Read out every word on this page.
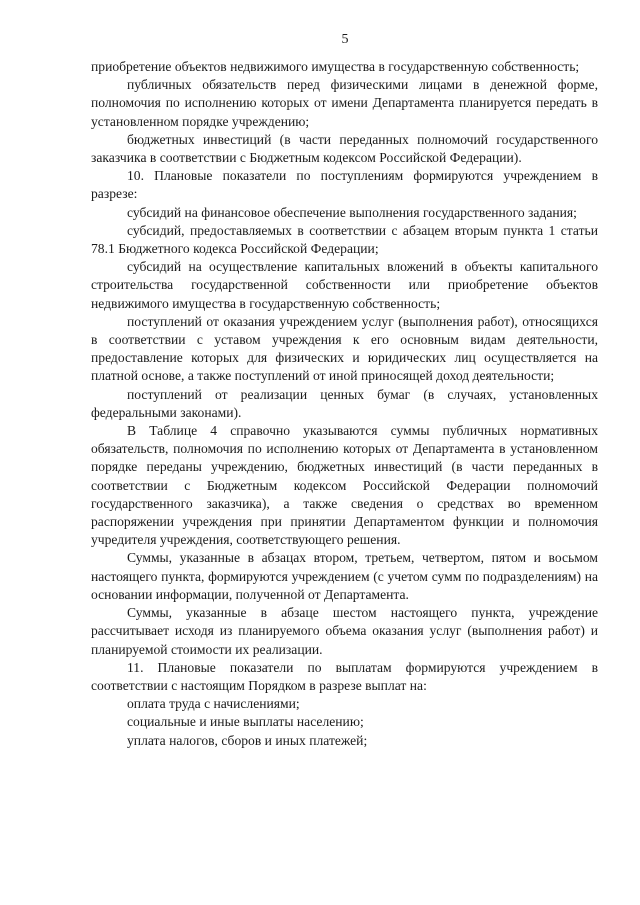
5

приобретение объектов недвижимого имущества в государственную собственность;

публичных обязательств перед физическими лицами в денежной форме, полномочия по исполнению которых от имени Департамента планируется передать в установленном порядке учреждению;

бюджетных инвестиций (в части переданных полномочий государственного заказчика в соответствии с Бюджетным кодексом Российской Федерации).

10. Плановые показатели по поступлениям формируются учреждением в разрезе:

субсидий на финансовое обеспечение выполнения государственного задания;

субсидий, предоставляемых в соответствии с абзацем вторым пункта 1 статьи 78.1 Бюджетного кодекса Российской Федерации;

субсидий на осуществление капитальных вложений в объекты капитального строительства государственной собственности или приобретение объектов недвижимого имущества в государственную собственность;

поступлений от оказания учреждением услуг (выполнения работ), относящихся в соответствии с уставом учреждения к его основным видам деятельности, предоставление которых для физических и юридических лиц осуществляется на платной основе, а также поступлений от иной приносящей доход деятельности;

поступлений от реализации ценных бумаг (в случаях, установленных федеральными законами).

В Таблице 4 справочно указываются суммы публичных нормативных обязательств, полномочия по исполнению которых от Департамента в установленном порядке переданы учреждению, бюджетных инвестиций (в части переданных в соответствии с Бюджетным кодексом Российской Федерации полномочий государственного заказчика), а также сведения о средствах во временном распоряжении учреждения при принятии Департаментом функции и полномочия учредителя учреждения, соответствующего решения.

Суммы, указанные в абзацах втором, третьем, четвертом, пятом и восьмом настоящего пункта, формируются учреждением (с учетом сумм по подразделениям) на основании информации, полученной от Департамента.

Суммы, указанные в абзаце шестом настоящего пункта, учреждение рассчитывает исходя из планируемого объема оказания услуг (выполнения работ) и планируемой стоимости их реализации.

11. Плановые показатели по выплатам формируются учреждением в соответствии с настоящим Порядком в разрезе выплат на:

оплата труда с начислениями;

социальные и иные выплаты населению;

уплата налогов, сборов и иных платежей;
